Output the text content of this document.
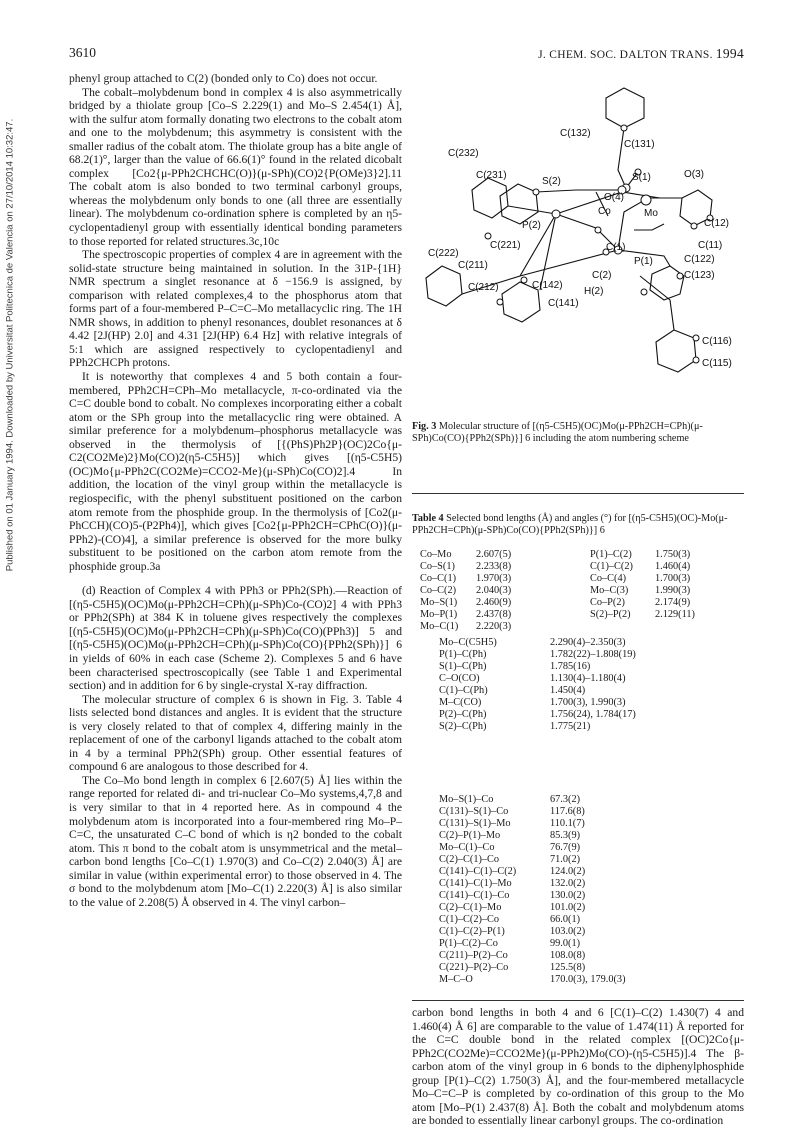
Published on 01 January 1994. Downloaded by Universitat Politecnica de Valencia on 27/10/2014 10:32:47.
3610	J. CHEM. SOC. DALTON TRANS. 1994

phenyl group attached to C(2) (bonded only to Co) does not occur.

The cobalt–molybdenum bond in complex 4 is also asymmetrically bridged by a thiolate group [Co–S 2.229(1) and Mo–S 2.454(1) Å], with the sulfur atom formally donating two electrons to the cobalt atom and one to the molybdenum; this asymmetry is consistent with the smaller radius of the cobalt atom. The thiolate group has a bite angle of 68.2(1)°, larger than the value of 66.6(1)° found in the related dicobalt complex [Co2{μ-PPh2CHCHC(O)}(μ-SPh)(CO)2{P(OMe)3}2].11 The cobalt atom is also bonded to two terminal carbonyl groups, whereas the molybdenum only bonds to one (all three are essentially linear). The molybdenum co-ordination sphere is completed by an η5-cyclopentadienyl group with essentially identical bonding parameters to those reported for related structures.3c,10c

The spectroscopic properties of complex 4 are in agreement with the solid-state structure being maintained in solution. In the 31P-{1H} NMR spectrum a singlet resonance at δ −156.9 is assigned, by comparison with related complexes,4 to the phosphorus atom that forms part of a four-membered P–C=C–Mo metallacyclic ring. The 1H NMR shows, in addition to phenyl resonances, doublet resonances at δ 4.42 [2J(HP) 2.0] and 4.31 [2J(HP) 6.4 Hz] with relative integrals of 5:1 which are assigned respectively to cyclopentadienyl and PPh2CHCPh protons.

It is noteworthy that complexes 4 and 5 both contain a four-membered, PPh2CH=CPh–Mo metallacycle, π-co-ordinated via the C=C double bond to cobalt. No complexes incorporating either a cobalt atom or the SPh group into the metallacyclic ring were obtained. A similar preference for a molybdenum–phosphorus metallacycle was observed in the thermolysis of [{(PhS)Ph2P}(OC)2Co{μ-C2(CO2Me)2}Mo(CO)2(η5-C5H5)] which gives [(η5-C5H5)(OC)Mo{μ-PPh2C(CO2Me)=CCO2-Me}(μ-SPh)Co(CO)2].4 In addition, the location of the vinyl group within the metallacycle is regiospecific, with the phenyl substituent positioned on the carbon atom remote from the phosphide group. In the thermolysis of [Co2(μ-PhCCH)(CO)5-(P2Ph4)], which gives [Co2{μ-PPh2CH=CPhC(O)}(μ-PPh2)-(CO)4], a similar preference is observed for the more bulky substituent to be positioned on the carbon atom remote from the phosphide group.3a

(d) Reaction of Complex 4 with PPh3 or PPh2(SPh).—Reaction of [(η5-C5H5)(OC)Mo(μ-PPh2CH=CPh)(μ-SPh)Co-(CO)2] 4 with PPh3 or PPh2(SPh) at 384 K in toluene gives respectively the complexes [(η5-C5H5)(OC)Mo(μ-PPh2CH=CPh)(μ-SPh)Co(CO)(PPh3)] 5 and [(η5-C5H5)(OC)Mo(μ-PPh2CH=CPh)(μ-SPh)Co(CO){PPh2(SPh)}] 6 in yields of 60% in each case (Scheme 2). Complexes 5 and 6 have been characterised spectroscopically (see Table 1 and Experimental section) and in addition for 6 by single-crystal X-ray diffraction.

The molecular structure of complex 6 is shown in Fig. 3. Table 4 lists selected bond distances and angles. It is evident that the structure is very closely related to that of complex 4, differing mainly in the replacement of one of the carbonyl ligands attached to the cobalt atom in 4 by a terminal PPh2(SPh) group. Other essential features of compound 6 are analogous to those described for 4.

The Co–Mo bond length in complex 6 [2.607(5) Å] lies within the range reported for related di- and tri-nuclear Co–Mo systems,4,7,8 and is very similar to that in 4 reported here. As in compound 4 the molybdenum atom is incorporated into a four-membered ring Mo–P–C=C, the unsaturated C–C bond of which is η2 bonded to the cobalt atom. This π bond to the cobalt atom is unsymmetrical and the metal–carbon bond lengths [Co–C(1) 1.970(3) and Co–C(2) 2.040(3) Å] are similar in value (within experimental error) to those observed in 4. The σ bond to the molybdenum atom [Mo–C(1) 2.220(3) Å] is also similar to the value of 2.208(5) Å observed in 4. The vinyl carbon–

C(132)
C(131)
C(232)
C(231)
S(2)	S(1)	O(3)
O(4)
Co	Mo
P(2)	C(12)
C(221)	C(11)
C(1)
C(222)
C(211)
C(122)
P(1)
C(2)	C(123)
C(212)	C(142)
H(2)
C(141)
C(116)
C(115)
Fig. 3 Molecular structure of [(η5-C5H5)(OC)Mo(μ-PPh2CH=CPh)(μ-SPh)Co(CO){PPh2(SPh)}] 6 including the atom numbering scheme
Table 4 Selected bond lengths (Å) and angles (°) for [(η5-C5H5)(OC)-Mo(μ-PPh2CH=CPh)(μ-SPh)Co(CO){PPh2(SPh)}] 6
Co–Mo	2.607(5)	P(1)–C(2)	1.750(3)
Co–S(1)	2.233(8)	C(1)–C(2)	1.460(4)
Co–C(1)	1.970(3)	Co–C(4)	1.700(3)
Co–C(2)	2.040(3)	Mo–C(3)	1.990(3)
Mo–S(1)	2.460(9)	Co–P(2)	2.174(9)
Mo–P(1)	2.437(8)	S(2)–P(2)	2.129(11)
Mo–C(1)	2.220(3)
Mo–C(C5H5)	2.290(4)–2.350(3)
P(1)–C(Ph)	1.782(22)–1.808(19)
S(1)–C(Ph)	1.785(16)
C–O(CO)	1.130(4)–1.180(4)
C(1)–C(Ph)	1.450(4)
M–C(CO)	1.700(3), 1.990(3)
P(2)–C(Ph)	1.756(24), 1.784(17)
S(2)–C(Ph)	1.775(21)
Mo–S(1)–Co	67.3(2)
C(131)–S(1)–Co	117.6(8)
C(131)–S(1)–Mo	110.1(7)
C(2)–P(1)–Mo	85.3(9)
Mo–C(1)–Co	76.7(9)
C(2)–C(1)–Co	71.0(2)
C(141)–C(1)–C(2)	124.0(2)
C(141)–C(1)–Mo	132.0(2)
C(141)–C(1)–Co	130.0(2)
C(2)–C(1)–Mo	101.0(2)
C(1)–C(2)–Co	66.0(1)
C(1)–C(2)–P(1)	103.0(2)
P(1)–C(2)–Co	99.0(1)
C(211)–P(2)–Co	108.0(8)
C(221)–P(2)–Co	125.5(8)
M–C–O	170.0(3), 179.0(3)

carbon bond lengths in both 4 and 6 [C(1)–C(2) 1.430(7) 4 and 1.460(4) Å 6] are comparable to the value of 1.474(11) Å reported for the C=C double bond in the related complex [(OC)2Co{μ-PPh2C(CO2Me)=CCO2Me}(μ-PPh2)Mo(CO)-(η5-C5H5)].4 The β-carbon atom of the vinyl group in 6 bonds to the diphenylphosphide group [P(1)–C(2) 1.750(3) Å], and the four-membered metallacycle Mo–C=C–P is completed by co-ordination of this group to the Mo atom [Mo–P(1) 2.437(8) Å]. Both the cobalt and molybdenum atoms are bonded to essentially linear carbonyl groups. The co-ordination
